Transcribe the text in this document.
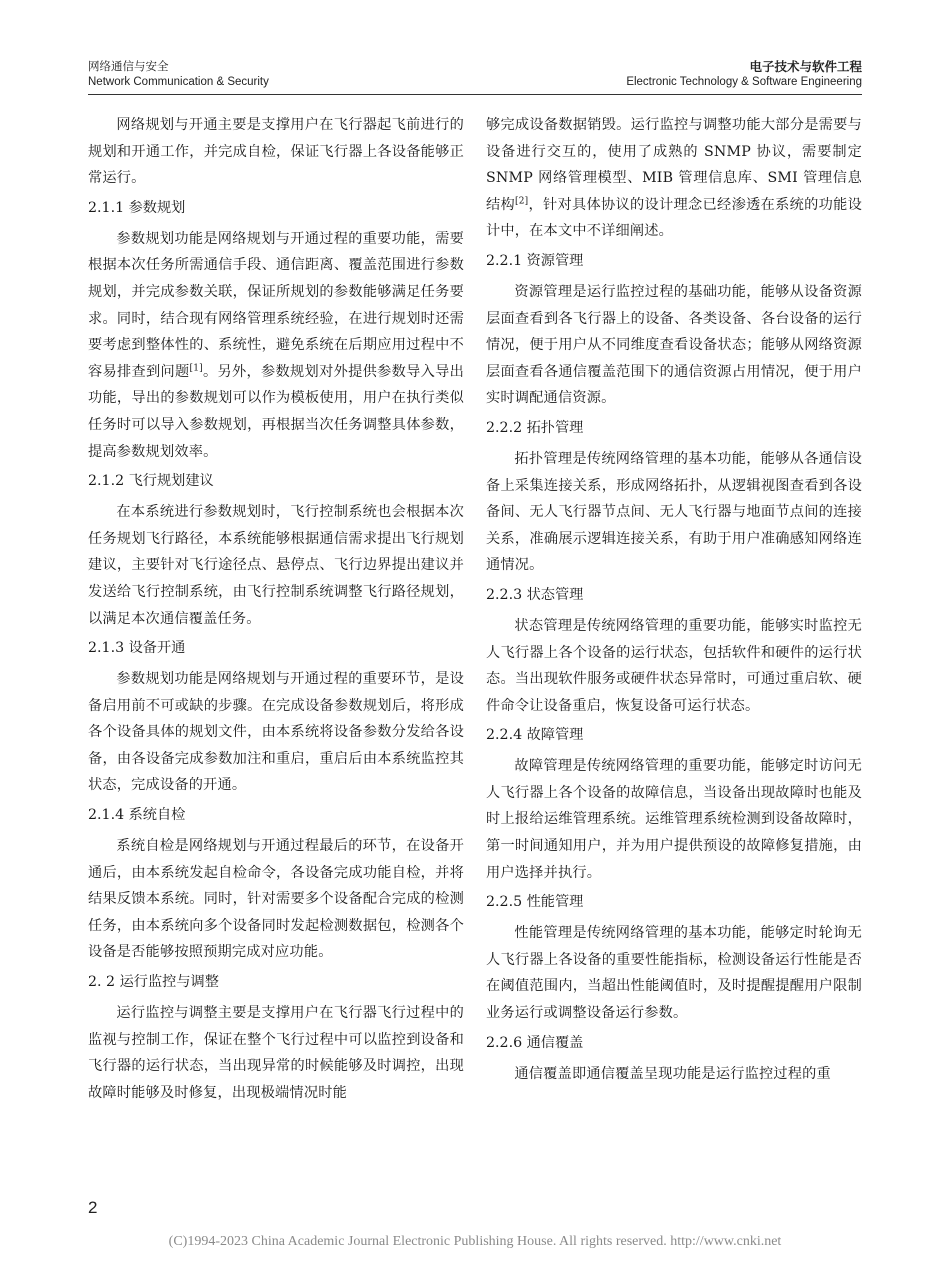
网络通信与安全
Network Communication & Security
电子技术与软件工程
Electronic Technology & Software Engineering

网络规划与开通主要是支撑用户在飞行器起飞前进行的规划和开通工作，并完成自检，保证飞行器上各设备能够正常运行。

2.1.1 参数规划

参数规划功能是网络规划与开通过程的重要功能，需要根据本次任务所需通信手段、通信距离、覆盖范围进行参数规划，并完成参数关联，保证所规划的参数能够满足任务要求。同时，结合现有网络管理系统经验，在进行规划时还需要考虑到整体性的、系统性，避免系统在后期应用过程中不容易排查到问题[1]。另外，参数规划对外提供参数导入导出功能，导出的参数规划可以作为模板使用，用户在执行类似任务时可以导入参数规划，再根据当次任务调整具体参数，提高参数规划效率。

2.1.2 飞行规划建议

在本系统进行参数规划时，飞行控制系统也会根据本次任务规划飞行路径，本系统能够根据通信需求提出飞行规划建议，主要针对飞行途径点、悬停点、飞行边界提出建议并发送给飞行控制系统，由飞行控制系统调整飞行路径规划，以满足本次通信覆盖任务。

2.1.3 设备开通

参数规划功能是网络规划与开通过程的重要环节，是设备启用前不可或缺的步骤。在完成设备参数规划后，将形成各个设备具体的规划文件，由本系统将设备参数分发给各设备，由各设备完成参数加注和重启，重启后由本系统监控其状态，完成设备的开通。

2.1.4 系统自检

系统自检是网络规划与开通过程最后的环节，在设备开通后，由本系统发起自检命令，各设备完成功能自检，并将结果反馈本系统。同时，针对需要多个设备配合完成的检测任务，由本系统向多个设备同时发起检测数据包，检测各个设备是否能够按照预期完成对应功能。

2. 2 运行监控与调整

运行监控与调整主要是支撑用户在飞行器飞行过程中的监视与控制工作，保证在整个飞行过程中可以监控到设备和飞行器的运行状态，当出现异常的时候能够及时调控，出现故障时能够及时修复，出现极端情况时能

够完成设备数据销毁。运行监控与调整功能大部分是需要与设备进行交互的，使用了成熟的 SNMP 协议，需要制定 SNMP 网络管理模型、MIB 管理信息库、SMI 管理信息结构[2]，针对具体协议的设计理念已经渗透在系统的功能设计中，在本文中不详细阐述。

2.2.1 资源管理

资源管理是运行监控过程的基础功能，能够从设备资源层面查看到各飞行器上的设备、各类设备、各台设备的运行情况，便于用户从不同维度查看设备状态；能够从网络资源层面查看各通信覆盖范围下的通信资源占用情况，便于用户实时调配通信资源。

2.2.2 拓扑管理

拓扑管理是传统网络管理的基本功能，能够从各通信设备上采集连接关系，形成网络拓扑，从逻辑视图查看到各设备间、无人飞行器节点间、无人飞行器与地面节点间的连接关系，准确展示逻辑连接关系，有助于用户准确感知网络连通情况。

2.2.3 状态管理

状态管理是传统网络管理的重要功能，能够实时监控无人飞行器上各个设备的运行状态，包括软件和硬件的运行状态。当出现软件服务或硬件状态异常时，可通过重启软、硬件命令让设备重启，恢复设备可运行状态。

2.2.4 故障管理

故障管理是传统网络管理的重要功能，能够定时访问无人飞行器上各个设备的故障信息，当设备出现故障时也能及时上报给运维管理系统。运维管理系统检测到设备故障时，第一时间通知用户，并为用户提供预设的故障修复措施，由用户选择并执行。

2.2.5 性能管理

性能管理是传统网络管理的基本功能，能够定时轮询无人飞行器上各设备的重要性能指标，检测设备运行性能是否在阈值范围内，当超出性能阈值时，及时提醒提醒用户限制业务运行或调整设备运行参数。

2.2.6 通信覆盖

通信覆盖即通信覆盖呈现功能是运行监控过程的重

2
(C)1994-2023 China Academic Journal Electronic Publishing House. All rights reserved. http://www.cnki.net
